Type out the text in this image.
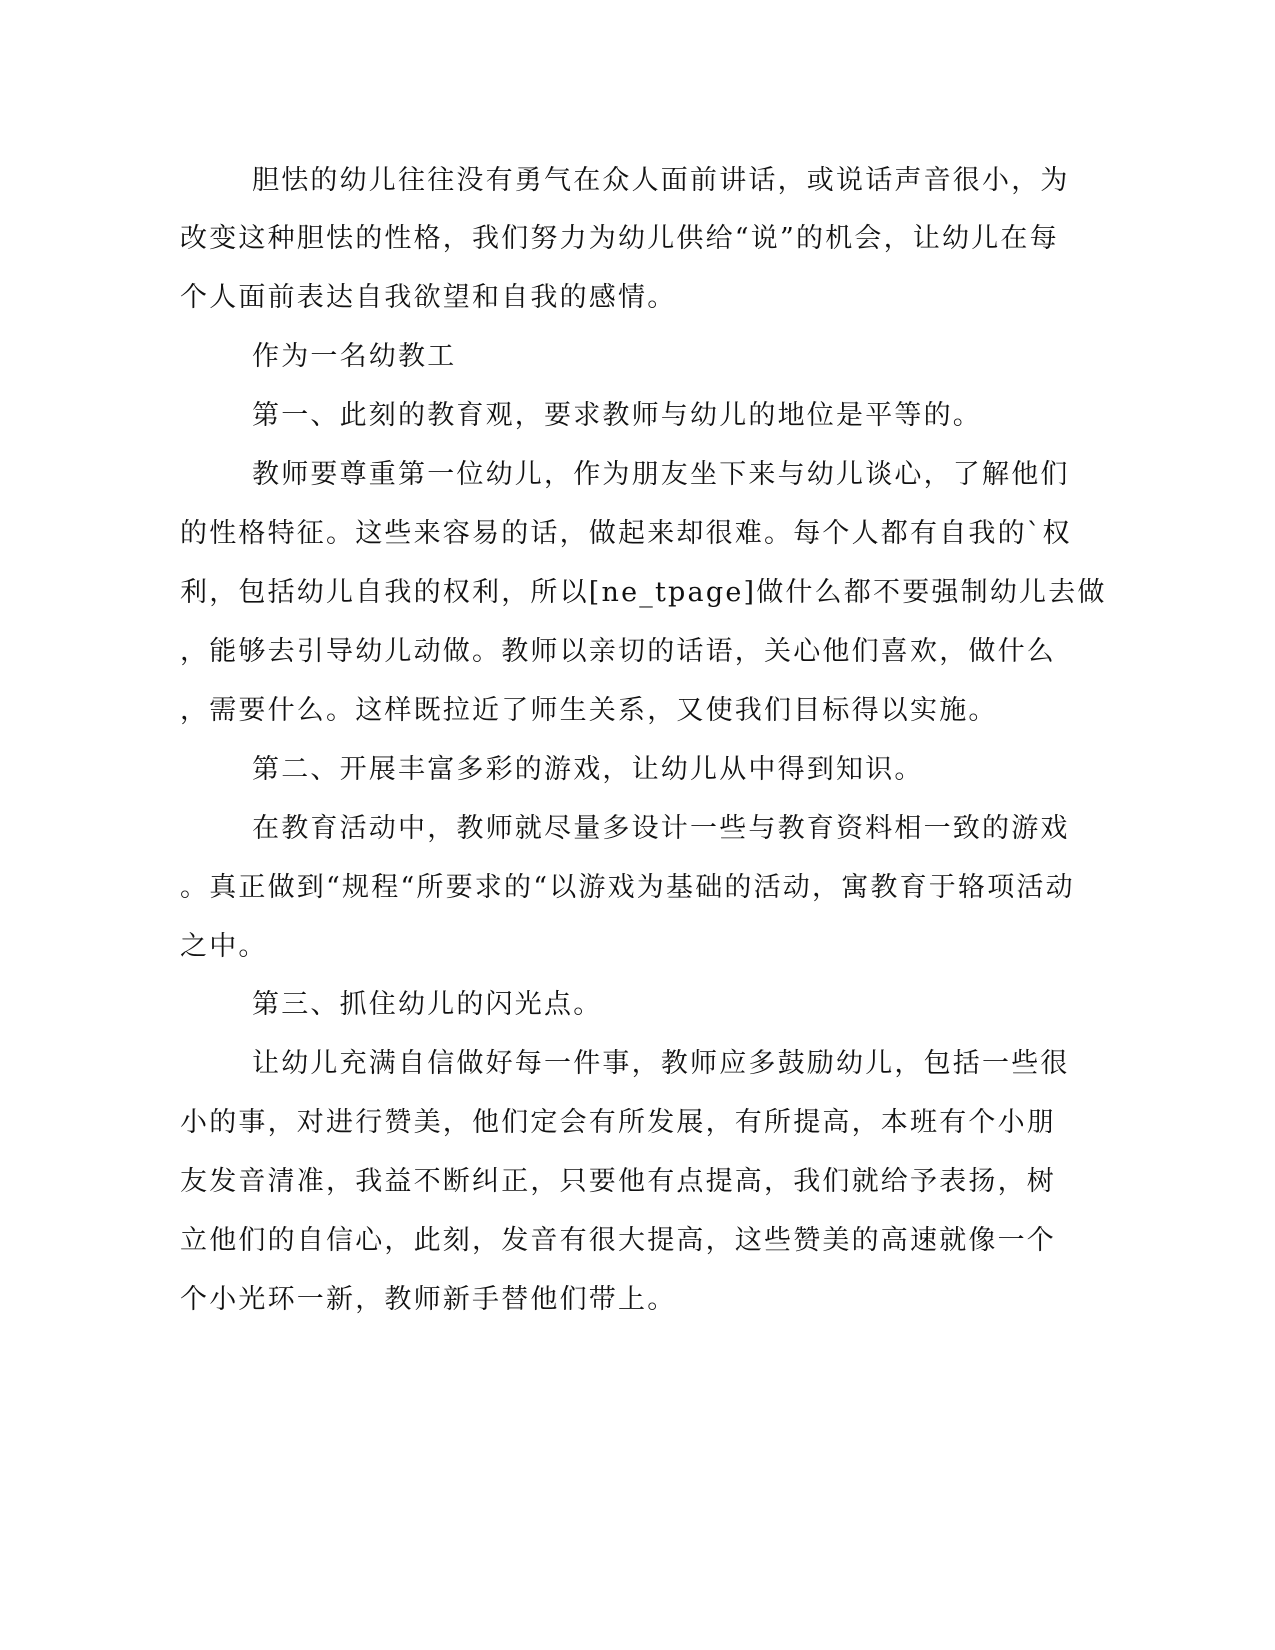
胆怯的幼儿往往没有勇气在众人面前讲话，或说话声音很小，为
改变这种胆怯的性格，我们努力为幼儿供给“说”的机会，让幼儿在每
个人面前表达自我欲望和自我的感情。
作为一名幼教工
第一、此刻的教育观，要求教师与幼儿的地位是平等的。
教师要尊重第一位幼儿，作为朋友坐下来与幼儿谈心，了解他们
的性格特征。这些来容易的话，做起来却很难。每个人都有自我的`权
利，包括幼儿自我的权利，所以[ne_tpage]做什么都不要强制幼儿去做
，能够去引导幼儿动做。教师以亲切的话语，关心他们喜欢，做什么
，需要什么。这样既拉近了师生关系，又使我们目标得以实施。
第二、开展丰富多彩的游戏，让幼儿从中得到知识。
在教育活动中，教师就尽量多设计一些与教育资料相一致的游戏
。真正做到“规程“所要求的“以游戏为基础的活动，寓教育于辂项活动
之中。
第三、抓住幼儿的闪光点。
让幼儿充满自信做好每一件事，教师应多鼓励幼儿，包括一些很
小的事，对进行赞美，他们定会有所发展，有所提高，本班有个小朋
友发音清准，我益不断纠正，只要他有点提高，我们就给予表扬，树
立他们的自信心，此刻，发音有很大提高，这些赞美的高速就像一个
个小光环一新，教师新手替他们带上。
